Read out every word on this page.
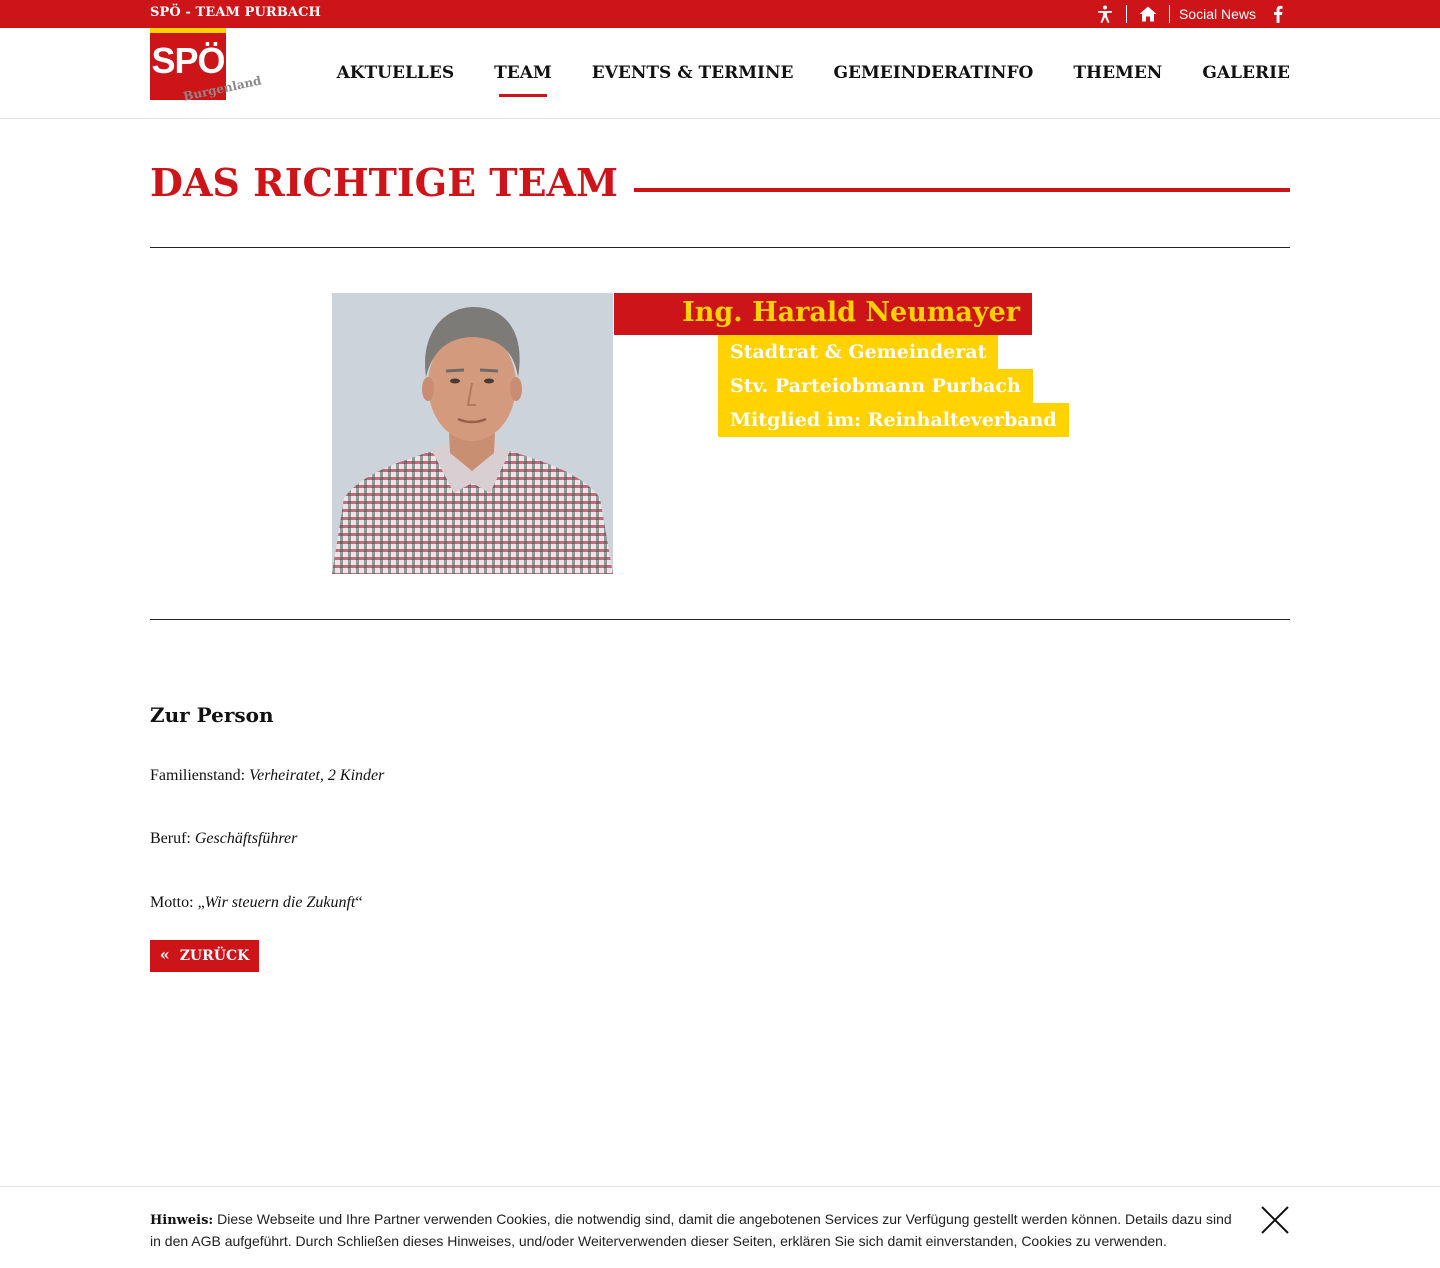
SPÖ - TEAM PURBACH	Social News
SPÖ
Burgenland
AKTUELLES TEAM EVENTS & TERMINE GEMEINDERATINFO THEMEN GALERIE
DAS RICHTIGE TEAM
Ing. Harald Neumayer
Stadtrat & Gemeinderat
Stv. Parteiobmann Purbach
Mitglied im: Reinhalteverband
Zur Person

Familienstand: Verheiratet, 2 Kinder

Beruf: Geschäftsführer

Motto: „Wir steuern die Zukunft“

« ZURÜCK

Hinweis: Diese Webseite und Ihre Partner verwenden Cookies, die notwendig sind, damit die angebotenen Services zur Verfügung gestellt werden können. Details dazu sind in den AGB aufgeführt. Durch Schließen dieses Hinweises, und/oder Weiterverwenden dieser Seiten, erklären Sie sich damit einverstanden, Cookies zu verwenden.
